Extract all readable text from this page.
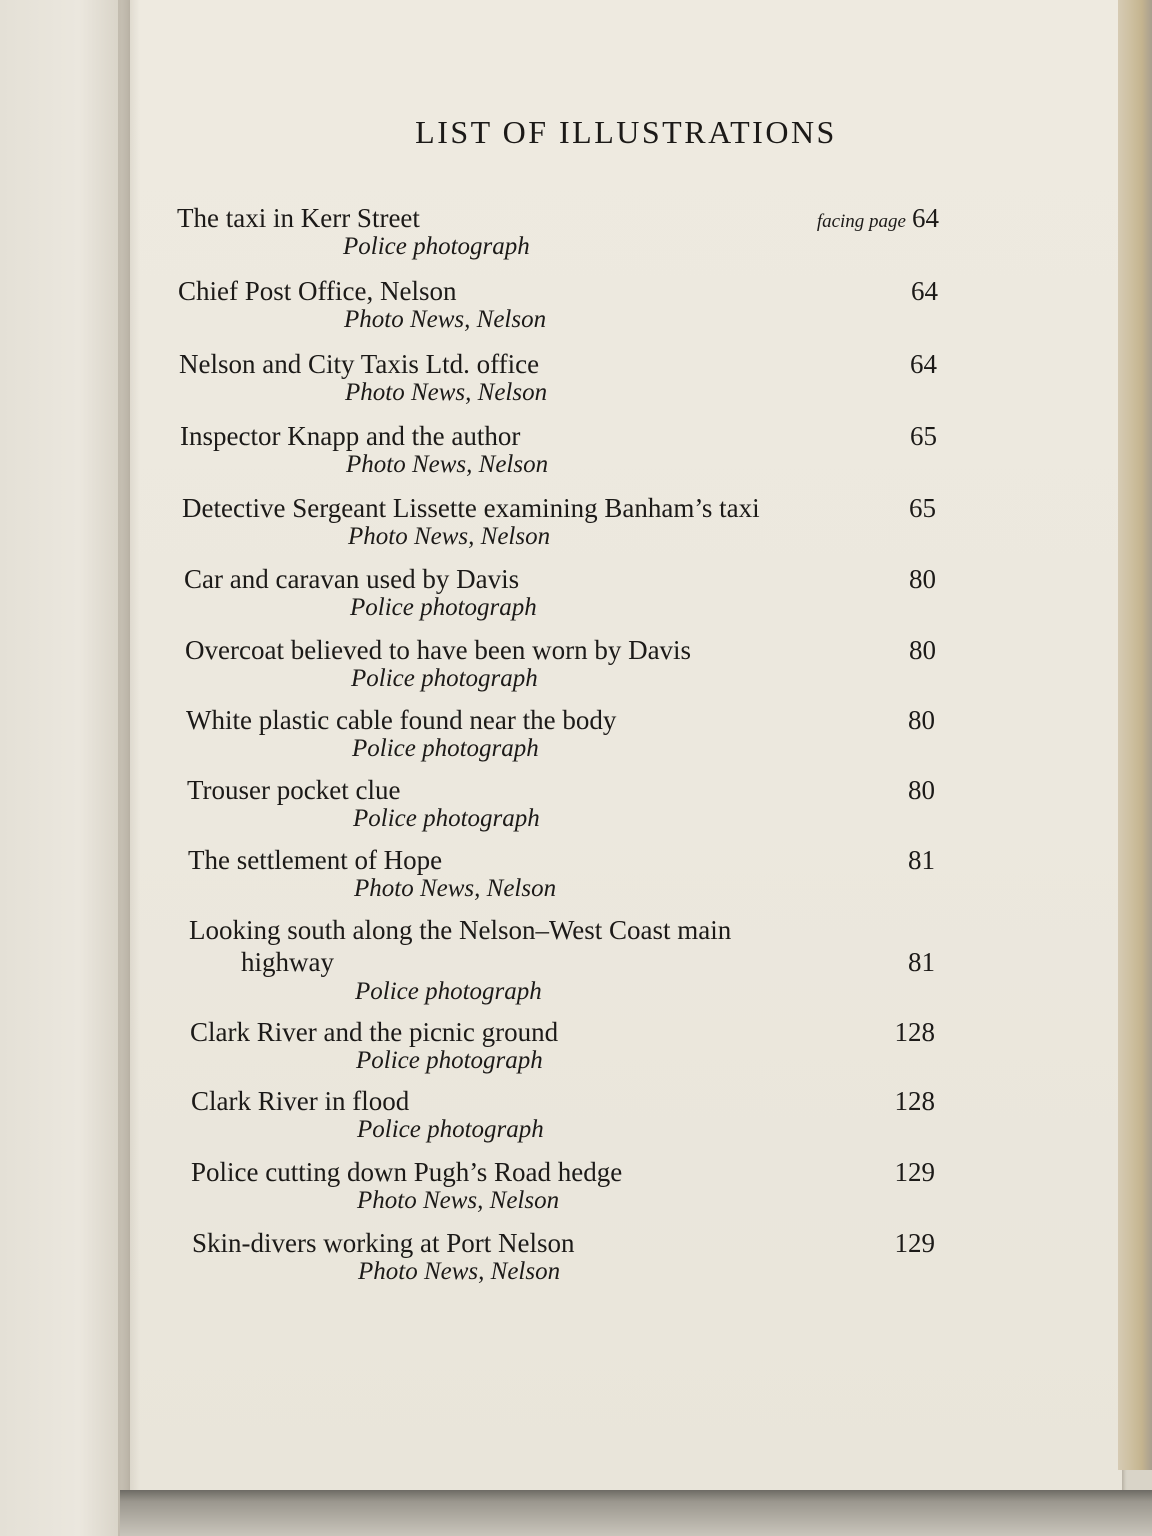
LIST OF ILLUSTRATIONS
The taxi in Kerr Street
Police photograph
facing page 64
Chief Post Office, Nelson
Photo News, Nelson
64
Nelson and City Taxis Ltd. office
Photo News, Nelson
64
Inspector Knapp and the author
Photo News, Nelson
65
Detective Sergeant Lissette examining Banham’s taxi
Photo News, Nelson
65
Car and caravan used by Davis
Police photograph
80
Overcoat believed to have been worn by Davis
Police photograph
80
White plastic cable found near the body
Police photograph
80
Trouser pocket clue
Police photograph
80
The settlement of Hope
Photo News, Nelson
81
Looking south along the Nelson–West Coast main
highway
Police photograph
81
Clark River and the picnic ground
Police photograph
128
Clark River in flood
Police photograph
128
Police cutting down Pugh’s Road hedge
Photo News, Nelson
129
Skin-divers working at Port Nelson
Photo News, Nelson
129
